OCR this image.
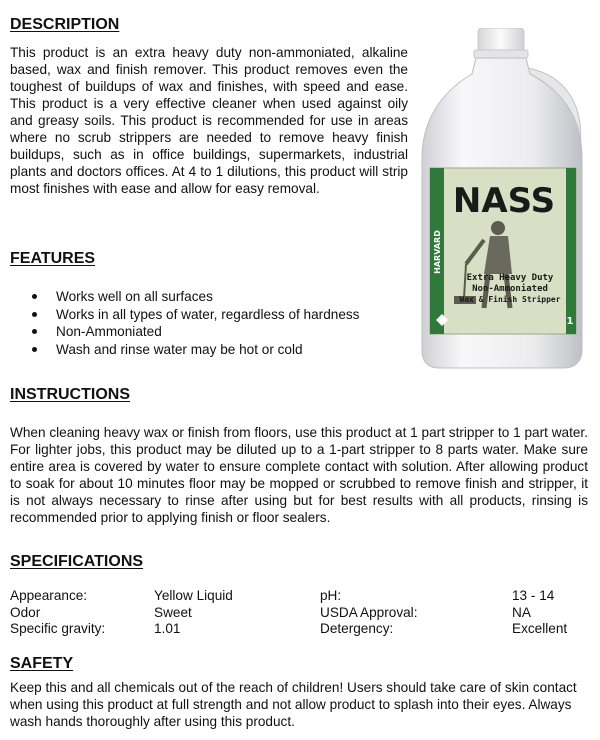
DESCRIPTION

This product is an extra heavy duty non-ammoniated, alkaline based, wax and finish remover. This product removes even the toughest of buildups of wax and finishes, with speed and ease. This product is a very effective cleaner when used against oily and greasy soils. This product is recommended for use in areas where no scrub strippers are needed to remove heavy finish buildups, such as in office buildings, supermarkets, industrial plants and doctors offices. At 4 to 1 dilutions, this product will strip most finishes with ease and allow for easy removal.

FEATURES
Works well on all surfaces
Works in all types of water, regardless of hardness
Non-Ammoniated
Wash and rinse water may be hot or cold
INSTRUCTIONS

When cleaning heavy wax or finish from floors, use this product at 1 part stripper to 1 part water. For lighter jobs, this product may be diluted up to a 1-part stripper to 8 parts water. Make sure entire area is covered by water to ensure complete contact with solution. After allowing product to soak for about 10 minutes floor may be mopped or scrubbed to remove finish and stripper, it is not always necessary to rinse after using but for best results with all products, rinsing is recommended prior to applying finish or floor sealers.

SPECIFICATIONS
Appearance:	Yellow Liquid	pH:	13 - 14
Odor	Sweet	USDA Approval:	NA
Specific gravity:	1.01	Detergency:	Excellent
SAFETY

Keep this and all chemicals out of the reach of children! Users should take care of skin contact when using this product at full strength and not allow product to splash into their eyes. Always wash hands thoroughly after using this product.

NASS
HARVARD
Extra Heavy Duty
Non-Ammoniated
Wax & Finish Stripper
1
